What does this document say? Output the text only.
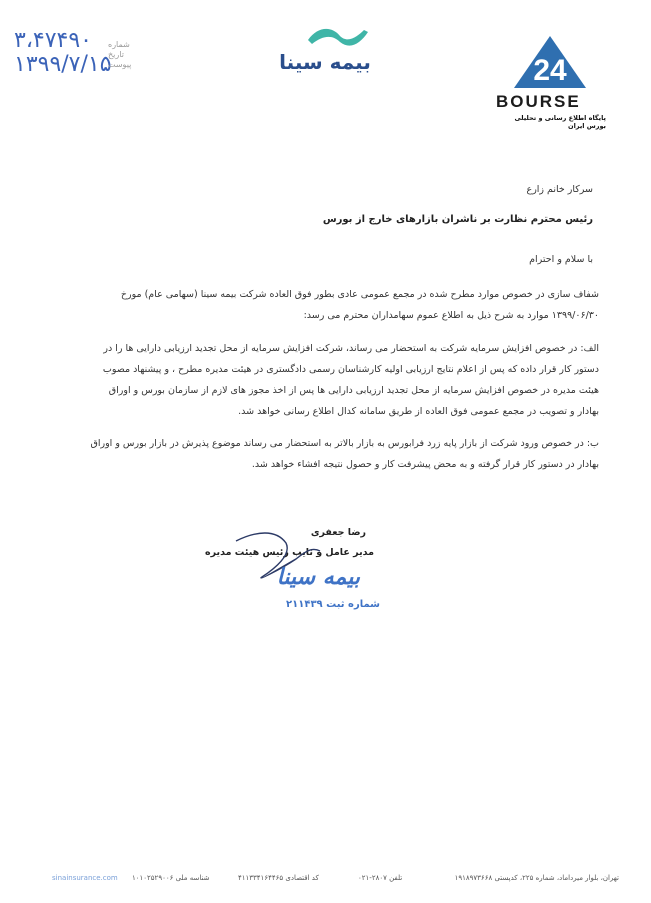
۳،۴۷۴۹۰
۱۳۹۹/۷/۱۵
شماره
تاریخ
پیوست	بیمه سینا	24
BOURSE
پایگاه اطلاع رسانی و تحلیلی بورس ایران
سرکار خانم زارع
رئیس محترم نظارت بر ناشران بازارهای خارج از بورس
با سلام و احترام
شفاف سازی در خصوص موارد مطرح شده در مجمع عمومی عادی بطور فوق العاده شرکت بیمه سینا (سهامی عام) مورخ
۱۳۹۹/۰۶/۳۰ موارد به شرح ذیل به اطلاع عموم سهامداران محترم می رسد:
الف: در خصوص افزایش سرمایه شرکت به استحضار می رساند، شرکت افزایش سرمایه از محل تجدید ارزیابی دارایی ها را در
دستور کار قرار داده که پس از اعلام نتایج ارزیابی اولیه کارشناسان رسمی دادگستری در هیئت مدیره مطرح ، و پیشنهاد مصوب
هیئت مدیره در خصوص افزایش سرمایه از محل تجدید ارزیابی دارایی ها پس از اخذ مجوز های لازم از سازمان بورس و اوراق
بهادار و تصویب در مجمع عمومی فوق العاده از طریق سامانه کدال اطلاع رسانی خواهد شد.
ب: در خصوص ورود شرکت از بازار پایه زرد فرابورس به بازار بالاتر به استحضار می رساند موضوع پذیرش در بازار بورس و اوراق
بهادار در دستور کار قرار گرفته و به محض پیشرفت کار و حصول نتیجه افشاء خواهد شد.
رضا جعفری
مدیر عامل و نایب رئیس هیئت مدیره
بیمه سینا
شماره ثبت ۲۱۱۴۳۹
sinainsurance.com شناسه ملی ۱۰۱۰۲۵۲۹۰۰۶	کد اقتصادی ۴۱۱۳۳۴۱۶۴۴۶۵	تلفن ۲۸۰۷-۰۲۱	تهران، بلوار میرداماد، شماره ۲۲۵، کدپستی ۱۹۱۸۹۷۳۶۶۸
